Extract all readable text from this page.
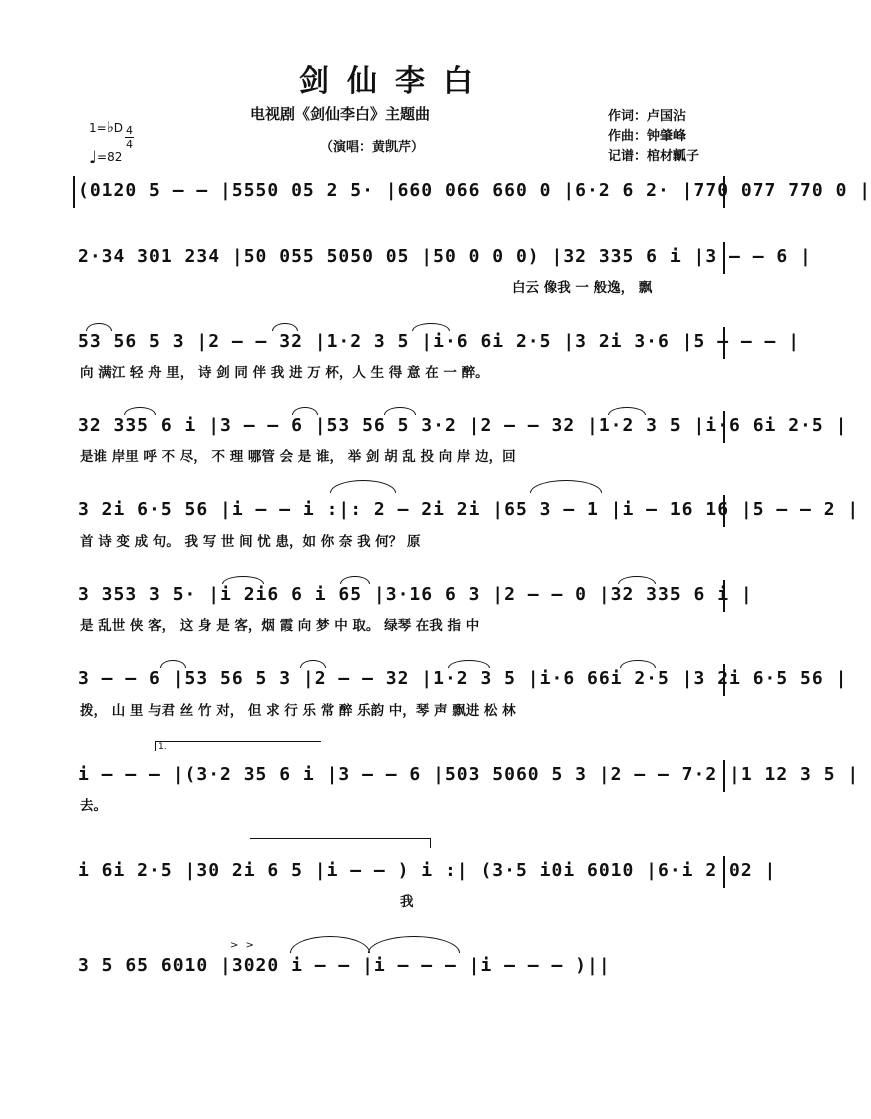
剑仙李白
电视剧《剑仙李白》主题曲
（演唱：黄凯芹）
作词：卢国沾
作曲：钟肇峰
记谱：棺材瓤子
1=♭D 4
4
♩=82
(0120 5 — — |5550 05 2 5· |660 066 660 0 |6·2 6 2· |770 077 770 0 |
2·34 301 234 |50 055 5050 05 |50 0 0 0) |32 335 6 i |3 — — 6 |
白云 像我 一 般逸， 飘
53 56 5 3 |2 — — 32 |1·2 3 5 |i·6 6i 2·5 |3 2i 3·6 |5 — — — |
向 满江 轻 舟 里， 诗 剑 同 伴 我 进 万 杯，人 生 得 意 在 一 醉。
32 335 6 i |3 — — 6 |53 56 5 3·2 |2 — — 32 |1·2 3 5 |i·6 6i 2·5 |
是谁 岸里 呼 不 尽， 不 理 哪管 会 是 谁， 举 剑 胡 乱 投 向 岸 边，回
3 2i 6·5 56 |i — — i :|: 2 — 2i 2i |65 3 — 1 |i — 16 16 |5 — — 2 |
首 诗 变 成 句。 我 写 世 间 忧 患，如 你 奈 我 何？ 原
3 353 3 5· |i 2i6 6 i 65 |3·16 6 3 |2 — — 0 |32 335 6 i |
是 乱世 侠 客， 这 身 是 客，烟 霞 向 梦 中 取。 绿琴 在我 指 中
3 — — 6 |53 56 5 3 |2 — — 32 |1·2 3 5 |i·6 66i 2·5 |3 2i 6·5 56 |
拨， 山 里 与君 丝 竹 对， 但 求 行 乐 常 醉 乐韵 中，琴 声 飘进 松 林
1.
i — — — |(3·2 35 6 i |3 — — 6 |503 5060 5 3 |2 — — 7·2 |1 12 3 5 |
去。
i 6i 2·5 |30 2i 6 5 |i — — ) i :| (3·5 i0i 6010 |6·i 2 02 |
我
> >
3 5 65 6010 |3020 i — — |i — — — |i — — — )||
